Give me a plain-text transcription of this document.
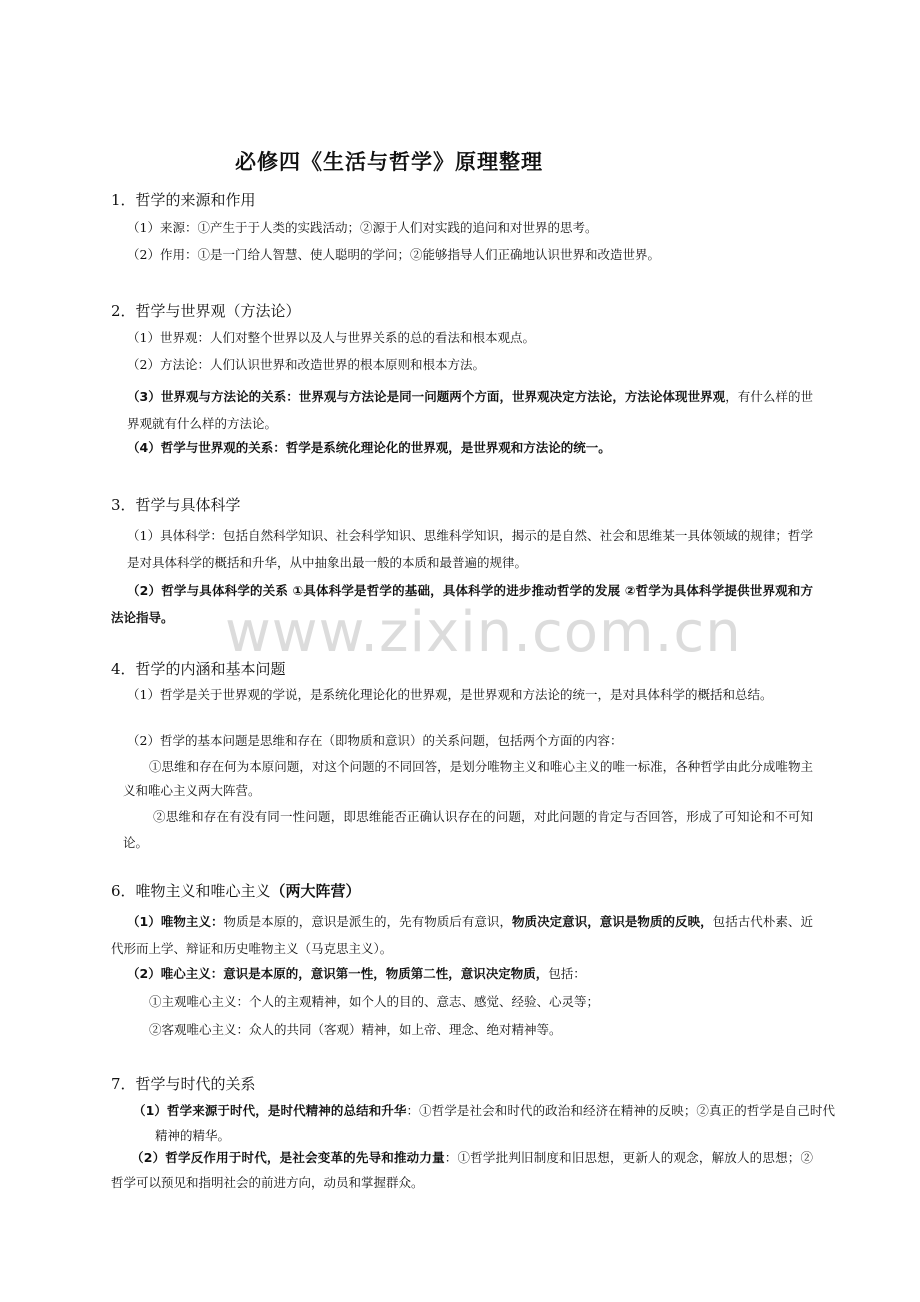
必修四《生活与哲学》原理整理
1．哲学的来源和作用
（1）来源：①产生于于人类的实践活动；②源于人们对实践的追问和对世界的思考。
（2）作用：①是一门给人智慧、使人聪明的学问；②能够指导人们正确地认识世界和改造世界。
2．哲学与世界观（方法论）
（1）世界观：人们对整个世界以及人与世界关系的总的看法和根本观点。
（2）方法论：人们认识世界和改造世界的根本原则和根本方法。
（3）世界观与方法论的关系：世界观与方法论是同一问题两个方面，世界观决定方法论，方法论体现世界观，有什么样的世界观就有什么样的方法论。
（4）哲学与世界观的关系：哲学是系统化理论化的世界观，是世界观和方法论的统一。
3．哲学与具体科学
（1）具体科学：包括自然科学知识、社会科学知识、思维科学知识，揭示的是自然、社会和思维某一具体领域的规律；哲学是对具体科学的概括和升华，从中抽象出最一般的本质和最普遍的规律。
（2）哲学与具体科学的关系 ①具体科学是哲学的基础，具体科学的进步推动哲学的发展 ②哲学为具体科学提供世界观和方法论指导。
4．哲学的内涵和基本问题
（1）哲学是关于世界观的学说，是系统化理论化的世界观，是世界观和方法论的统一，是对具体科学的概括和总结。
（2）哲学的基本问题是思维和存在（即物质和意识）的关系问题，包括两个方面的内容：
①思维和存在何为本原问题，对这个问题的不同回答，是划分唯物主义和唯心主义的唯一标准，各种哲学由此分成唯物主义和唯心主义两大阵营。
②思维和存在有没有同一性问题，即思维能否正确认识存在的问题，对此问题的肯定与否回答，形成了可知论和不可知论。
6．唯物主义和唯心主义（两大阵营）
（1）唯物主义：物质是本原的，意识是派生的，先有物质后有意识，物质决定意识，意识是物质的反映，包括古代朴素、近代形而上学、辩证和历史唯物主义（马克思主义）。
（2）唯心主义：意识是本原的，意识第一性，物质第二性，意识决定物质，包括：
①主观唯心主义：个人的主观精神，如个人的目的、意志、感觉、经验、心灵等；
②客观唯心主义：众人的共同（客观）精神，如上帝、理念、绝对精神等。
7．哲学与时代的关系
（1）哲学来源于时代，是时代精神的总结和升华：①哲学是社会和时代的政治和经济在精神的反映；②真正的哲学是自己时代精神的精华。
（2）哲学反作用于时代，是社会变革的先导和推动力量：①哲学批判旧制度和旧思想，更新人的观念，解放人的思想；②哲学可以预见和指明社会的前进方向，动员和掌握群众。
www.zixin.com.cn
